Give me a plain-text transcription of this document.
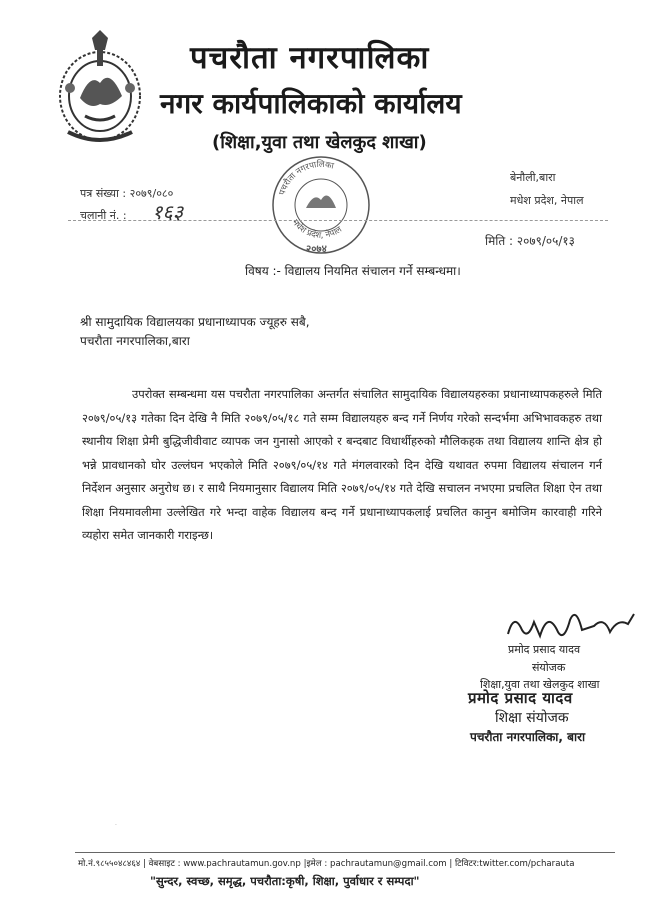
पचरौता नगरपालिका
नगर कार्यपालिकाको कार्यालय
(शिक्षा,युवा तथा खेलकुद शाखा)
पत्र संख्या : २०७९/०८०
चलानी नं. : १६३
बेनौली,बारा
मधेश प्रदेश, नेपाल
पचरौता नगरपालिका
मधेश प्रदेश, नेपाल
२०७४
मिति : २०७९/०५/१३
विषय :- विद्यालय नियमित संचालन गर्ने सम्बन्धमा।
श्री सामुदायिक विद्यालयका प्रधानाध्यापक ज्यूहरु सबै,
पचरौता नगरपालिका,बारा

उपरोक्त सम्बन्धमा यस पचरौता नगरपालिका अन्तर्गत संचालित सामुदायिक विद्यालयहरुका प्रधानाध्यापकहरुले मिति २०७९/०५/१३ गतेका दिन देखि नै मिति २०७९/०५/१८ गते सम्म विद्यालयहरु बन्द गर्ने निर्णय गरेको सन्दर्भमा अभिभावकहरु तथा स्थानीय शिक्षा प्रेमी बुद्धिजीवीवाट व्यापक जन गुनासो आएको र बन्दबाट विधार्थीहरुको मौलिकहक तथा विद्यालय शान्ति क्षेत्र हो भन्ने प्रावधानको घोर उल्लंघन भएकोले मिति २०७९/०५/१४ गते मंगलवारको दिन देखि यथावत रुपमा विद्यालय संचालन गर्न निर्देशन अनुसार अनुरोध छ। र साथै नियमानुसार विद्यालय मिति २०७९/०५/१४ गते देखि सचालन नभएमा प्रचलित शिक्षा ऐन तथा शिक्षा नियमावलीमा उल्लेखित गरे भन्दा वाहेक विद्यालय बन्द गर्ने प्रधानाध्यापकलाई प्रचलित कानुन बमोजिम कारवाही गरिने व्यहोरा समेत जानकारी गराइन्छ।

प्रमोद प्रसाद यादव
संयोजक
शिक्षा,युवा तथा खेलकुद शाखा
प्रमोद प्रसाद यादव
शिक्षा संयोजक
पचरौता नगरपालिका, बारा
·
मो.नं.९८५५०४८४६४ | वेबसाइट : www.pachrautamun.gov.np |इमेल : pachrautamun@gmail.com | टिविटर:twitter.com/pcharauta
"सुन्दर, स्वच्छ, समृद्ध, पचरौता:कृषी, शिक्षा, पुर्वाधार र सम्पदा"
